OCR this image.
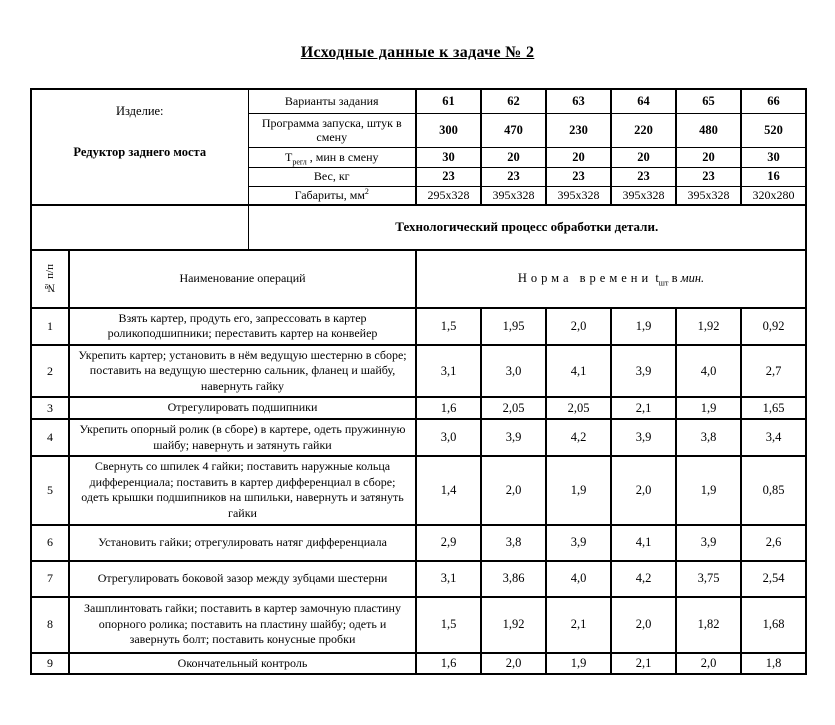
Исходные данные к задаче № 2
Изделие:
Редуктор заднего моста		Варианты задания	61	62	63	64	65	66
		Программа запуска, штук в смену	300	470	230	220	480	520
		$Т_{регл}$ , мин в смену	30	20	20	20	20	30
		Вес, кг	23	23	23	23	23	16
		Габариты, $мм^2$	295x328	395x328	395x328	395x328	395x328	320x280
		Технологический процесс обработки детали.						

№ п/п	Наименование операций		Норма времени $t_{шт}$ в мин.					
1	Взять картер, продуть его, запрессовать в картер роликоподшипники; переставить картер на конвейер		1,5	1,95	2,0	1,9	1,92	0,92
2	Укрепить картер; установить в нём ведущую шестерню в сборе; поставить на ведущую шестерню сальник, фланец и шайбу, навернуть гайку		3,1	3,0	4,1	3,9	4,0	2,7
3	Отрегулировать подшипники		1,6	2,05	2,05	2,1	1,9	1,65
4	Укрепить опорный ролик (в сборе) в картере, одеть пружинную шайбу; навернуть и затянуть гайки		3,0	3,9	4,2	3,9	3,8	3,4
5	Свернуть со шпилек 4 гайки; поставить наружные кольца дифференциала; поставить в картер дифференциал в сборе; одеть крышки подшипников на шпильки, навернуть и затянуть гайки		1,4	2,0	1,9	2,0	1,9	0,85
6	Установить гайки; отрегулировать натяг дифференциала		2,9	3,8	3,9	4,1	3,9	2,6
7	Отрегулировать боковой зазор между зубцами шестерни		3,1	3,86	4,0	4,2	3,75	2,54
8	Зашплинтовать гайки; поставить в картер замочную пластину опорного ролика; поставить на пластину шайбу; одеть и завернуть болт; поставить конусные пробки		1,5	1,92	2,1	2,0	1,82	1,68
9	Окончательный контроль		1,6	2,0	1,9	2,1	2,0	1,8
